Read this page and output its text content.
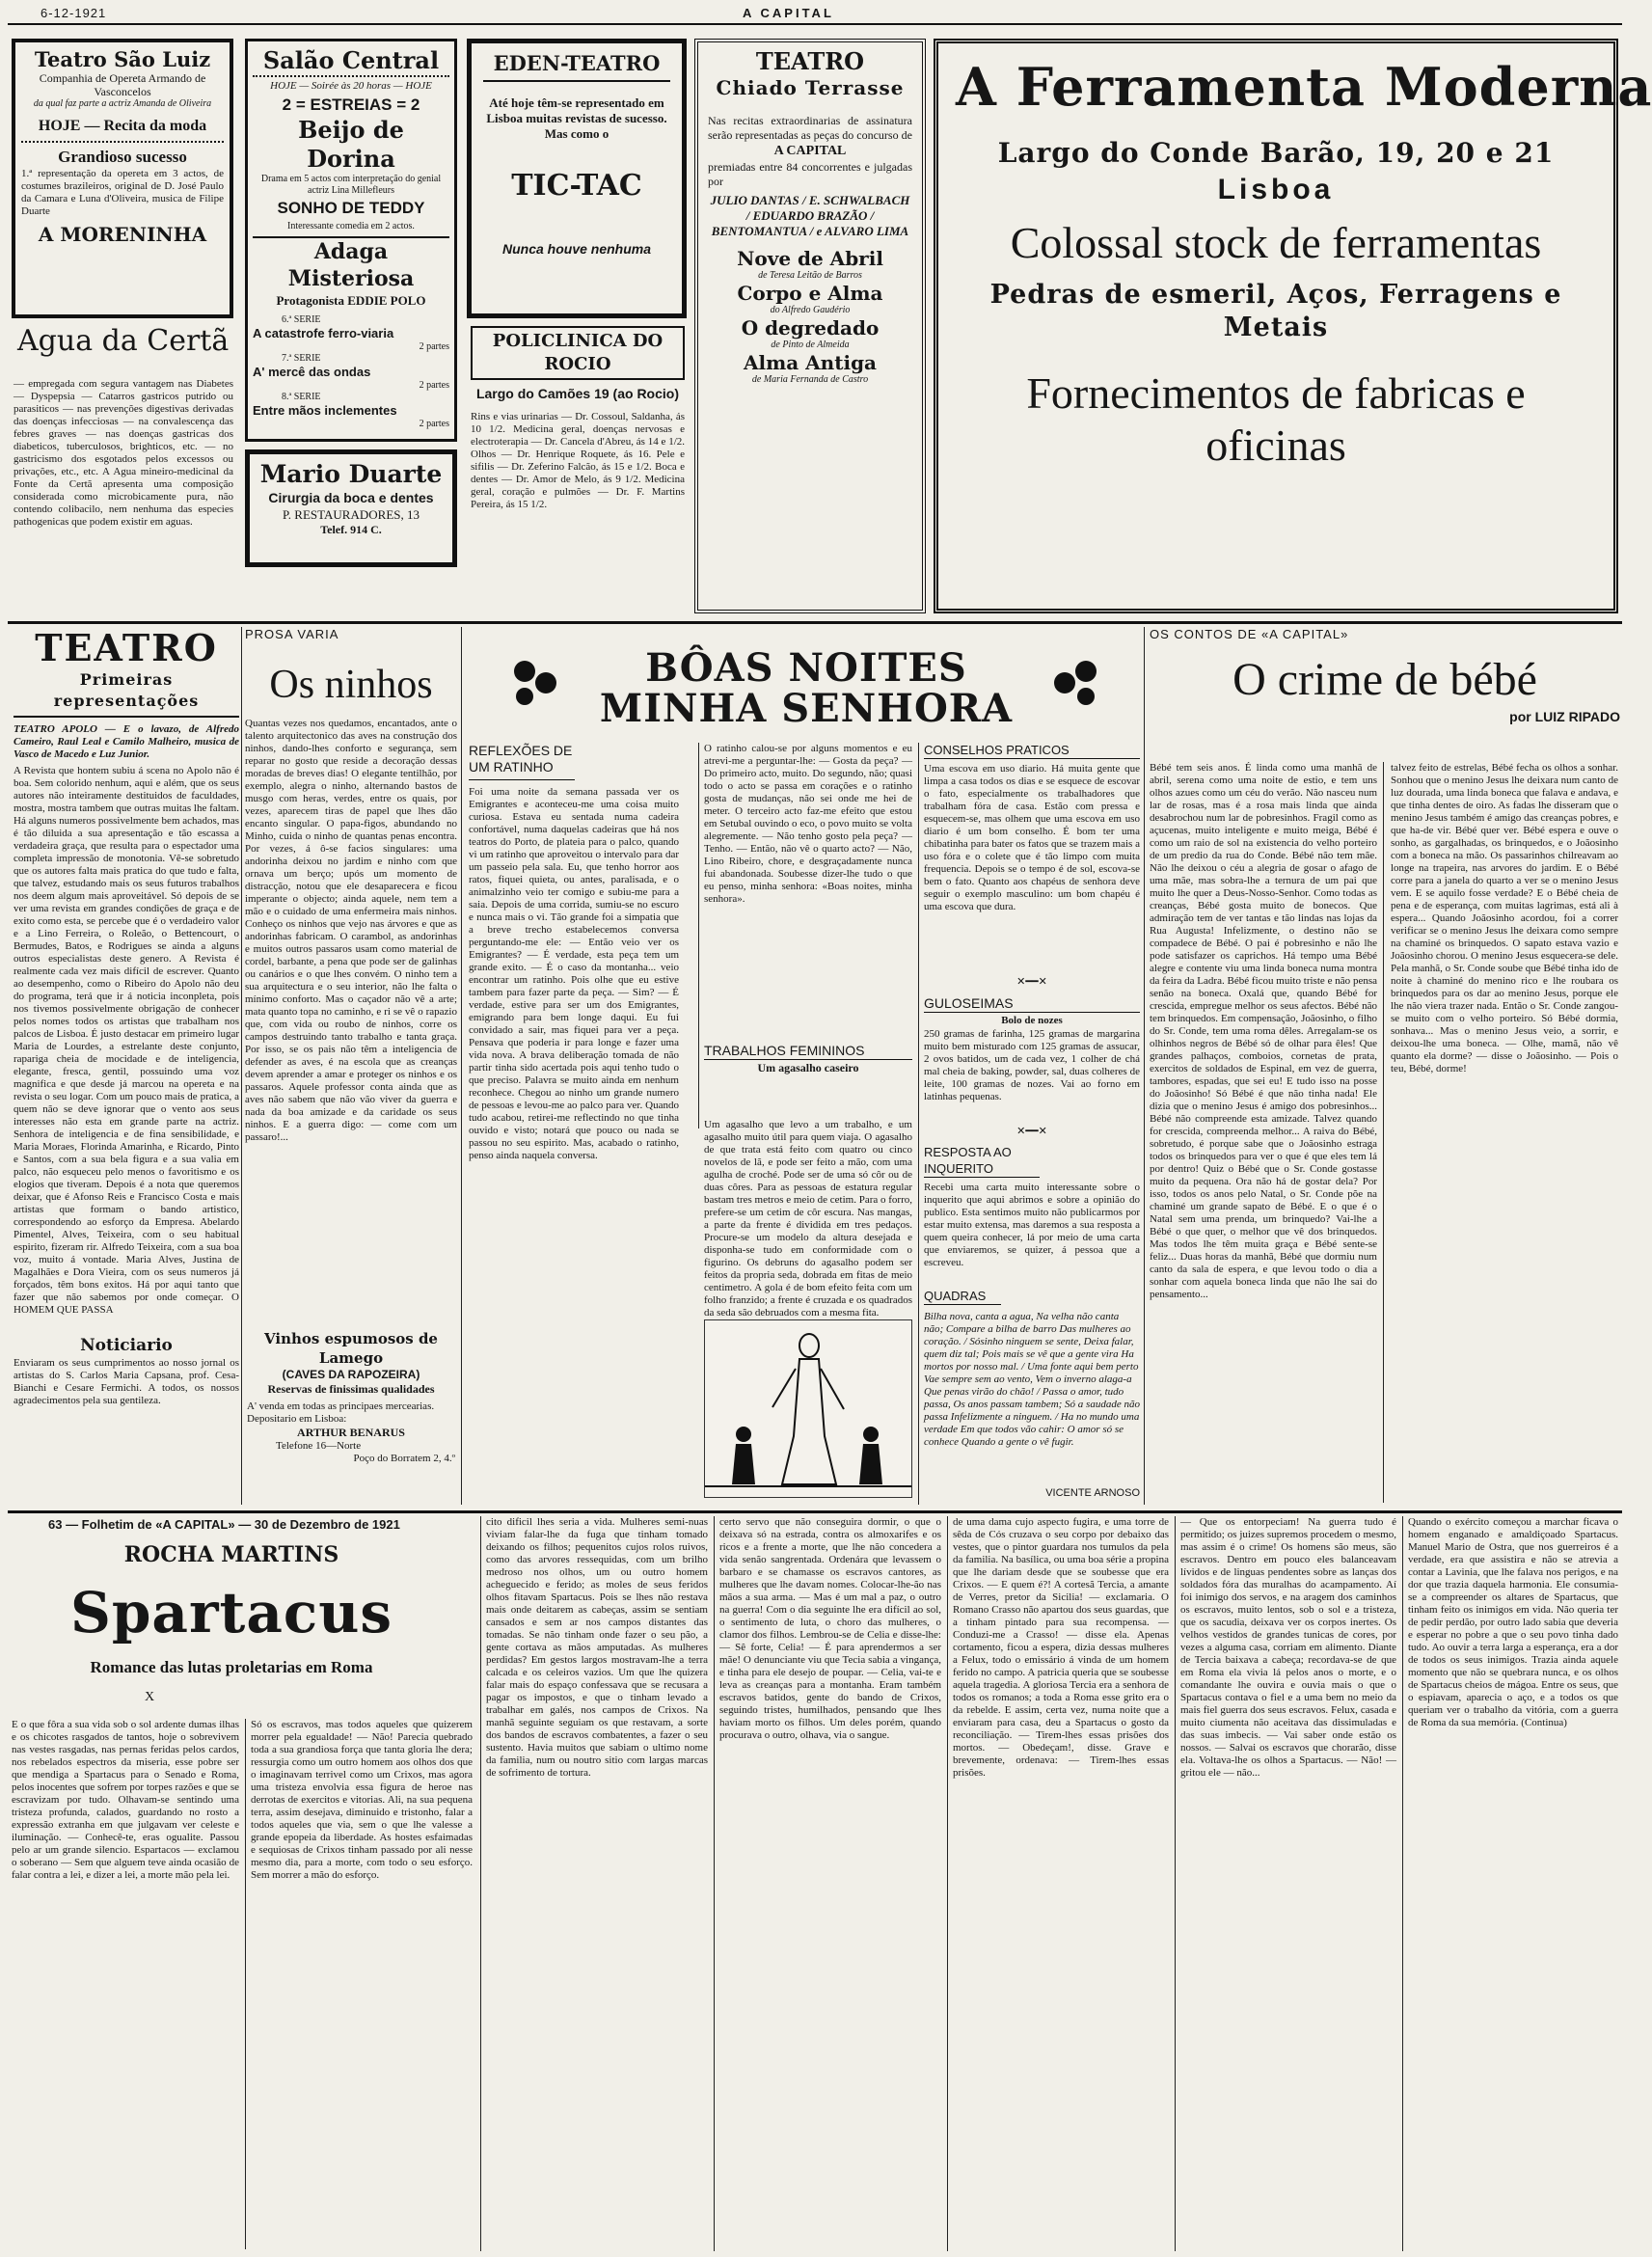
6-12-1921	A CAPITAL

Teatro São Luiz

Companhia de Opereta Armando de Vasconcelos

da qual faz parte a actriz Amanda de Oliveira

HOJE — Recita da moda

Grandioso sucesso

1.ª representação da opereta em 3 actos, de costumes brazileiros, original de D. José Paulo da Camara e Luna d'Oliveira, musica de Filipe Duarte

A MORENINHA

Agua da Certã
— empregada com segura vantagem nas Diabetes — Dyspepsia — Catarros gastricos putrido ou parasiticos — nas prevenções digestivas derivadas das doenças infecciosas — na convalescença das febres graves — nas doenças gastricas dos diabeticos, tuberculosos, brighticos, etc. — no gastricismo dos esgotados pelos excessos ou privações, etc., etc. A Agua mineiro-medicinal da Fonte da Certã apresenta uma composição considerada como microbicamente pura, não contendo colibacilo, nem nenhuma das especies pathogenicas que podem existir em aguas.

Salão Central

HOJE — Soirée às 20 horas — HOJE

2 = ESTREIAS = 2

Beijo de Dorina

Drama em 5 actos com interpretação do genial actriz Lina Millefleurs

SONHO DE TEDDY

Interessante comedia em 2 actos.

Adaga Misteriosa

Protagonista EDDIE POLO

6.ª SERIE

A catastrofe ferro-viaria

2 partes

7.ª SERIE

A' mercê das ondas

2 partes

8.ª SERIE

Entre mãos inclementes

2 partes

Mario Duarte

Cirurgia da boca e dentes

P. RESTAURADORES, 13

Telef. 914 C.

EDEN-TEATRO

Até hoje têm-se representado em Lisboa muitas revistas de sucesso. Mas como o

TIC-TAC

Nunca houve nenhuma

POLICLINICA DO ROCIO

Largo do Camões 19 (ao Rocio)

Rins e vias urinarias — Dr. Cossoul, Saldanha, ás 10 1/2. Medicina geral, doenças nervosas e electroterapia — Dr. Cancela d'Abreu, ás 14 e 1/2. Olhos — Dr. Henrique Roquete, ás 16. Pele e sifilis — Dr. Zeferino Falcão, ás 15 e 1/2. Boca e dentes — Dr. Amor de Melo, ás 9 1/2. Medicina geral, coração e pulmões — Dr. F. Martins Pereira, ás 15 1/2.

TEATRO

Chiado Terrasse

Nas recitas extraordinarias de assinatura serão representadas as peças do concurso de

A CAPITAL

premiadas entre 84 concorrentes e julgadas por

JULIO DANTAS / E. SCHWALBACH / EDUARDO BRAZÃO / BENTOMANTUA / e ALVARO LIMA

Nove de Abril

de Teresa Leitão de Barros

Corpo e Alma

do Alfredo Gaudério

O degredado

de Pinto de Almeida

Alma Antiga

de Maria Fernanda de Castro

A Ferramenta Moderna

Largo do Conde Barão, 19, 20 e 21

Lisboa

Colossal stock de ferramentas

Pedras de esmeril, Aços, Ferragens e Metais

Fornecimentos de fabricas e oficinas

TEATRO
Primeiras representações
TEATRO APOLO — E o lavazo, de Alfredo Cameiro, Raul Leal e Camilo Malheiro, musica de Vasco de Macedo e Luz Junior.
A Revista que hontem subiu á scena no Apolo não é boa. Sem colorido nenhum, aqui e além, que os seus autores não inteiramente destituidos de faculdades, mostra, mostra tambem que outras muitas lhe faltam. Há alguns numeros possivelmente bem achados, mas é tão diluida a sua apresentação e tão escassa a verdadeira graça, que resulta para o espectador uma completa impressão de monotonia. Vê-se sobretudo que os autores falta mais pratica do que tudo e falta, que talvez, estudando mais os seus futuros trabalhos nos deem algum mais aproveitável. Só depois de se ver uma revista em grandes condições de graça e de exito como esta, se percebe que é o verdadeiro valor e a Lino Ferreira, o Roleão, o Bettencourt, o Bermudes, Batos, e Rodrigues se ainda a alguns outros especialistas deste genero. A Revista é realmente cada vez mais difícil de escrever. Quanto ao desempenho, como o Ribeiro do Apolo não deu do programa, terá que ir á noticia inconpleta, pois nos tivemos possivelmente obrigação de conhecer pelos nomes todos os artistas que trabalham nos palcos de Lisboa. É justo destacar em primeiro lugar Maria de Lourdes, a estrelante deste conjunto, rapariga cheia de mocidade e de inteligencia, elegante, fresca, gentil, possuindo uma voz magnifica e que desde já marcou na opereta e na revista o seu logar. Com um pouco mais de pratica, a quem não se deve ignorar que o vento aos seus interesses não esta em grande parte na actriz. Senhora de inteligencia e de fina sensibilidade, e Maria Moraes, Florinda Amarinha, e Ricardo, Pinto e Santos, com a sua bela figura e a sua valia em palco, não esqueceu pelo menos o favoritismo e os elogios que tiveram. Depois é a nota que queremos deixar, que é Afonso Reis e Francisco Costa e mais artistas que formam o bando artistico, correspondendo ao esforço da Empresa. Abelardo Pimentel, Alves, Teixeira, com o seu habitual espirito, fizeram rir. Alfredo Teixeira, com a sua boa voz, muito á vontade. Maria Alves, Justina de Magalhães e Dora Vieira, com os seus numeros já forçados, têm bons exitos. Há por aqui tanto que fazer que não sabemos por onde começar. O HOMEM QUE PASSA
Noticiario
Enviaram os seus cumprimentos ao nosso jornal os artistas do S. Carlos Maria Capsana, prof. Cesa-Bianchi e Cesare Fermichi. A todos, os nossos agradecimentos pela sua gentileza.
PROSA VARIA
Os ninhos
Quantas vezes nos quedamos, encantados, ante o talento arquitectonico das aves na construção dos ninhos, dando-lhes conforto e segurança, sem reparar no gosto que reside a decoração dessas moradas de breves dias! O elegante tentilhão, por exemplo, alegra o ninho, alternando bastos de musgo com heras, verdes, entre os quais, por vezes, aparecem tiras de papel que lhes dão encanto singular. O papa-figos, abundando no Minho, cuida o ninho de quantas penas encontra. Por vezes, á ô-se facios singulares: uma andorinha deixou no jardim e ninho com que ornava um berço; upós um momento de distracção, notou que ele desaparecera e ficou imperante o objecto; ainda aquele, nem tem a mão e o cuidado de uma enfermeira mais ninhos. Conheço os ninhos que vejo nas árvores e que as andorinhas fabricam. O carambol, as andorinhas e muitos outros passaros usam como material de cordel, barbante, a pena que pode ser de galinhas ou canários e o que lhes convém. O ninho tem a sua arquitectura e o seu interior, não lhe falta o mínimo conforto. Mas o caçador não vê a arte; mata quanto topa no caminho, e ri se vê o rapazio que, com vida ou roubo de ninhos, corre os campos destruindo tanto trabalho e tanta graça. Por isso, se os pais não têm a inteligencia de defender as aves, é na escola que as creanças devem aprender a amar e proteger os ninhos e os passaros. Aquele professor conta ainda que as aves não sabem que não vão viver da guerra e nada da boa amizade e da caridade os seus ninhos. E a guerra digo: — come com um passaro!...

Vinhos espumosos de Lamego

(CAVES DA RAPOZEIRA)

Reservas de finissimas qualidades

A' venda em todas as principaes mercearias.

Depositario em Lisboa:

ARTHUR BENARUS

Telefone 16—Norte

Poço do Borratem 2, 4.º

BÔAS NOITES MINHA SENHORA
REFLEXÕES DE UM RATINHO
Foi uma noite da semana passada ver os Emigrantes e aconteceu-me uma coisa muito curiosa. Estava eu sentada numa cadeira confortável, numa daquelas cadeiras que há nos teatros do Porto, de plateia para o palco, quando vi um ratinho que aproveitou o intervalo para dar um passeio pela sala. Eu, que tenho horror aos ratos, fiquei quieta, ou antes, paralisada, e o animalzinho veio ter comigo e subiu-me para a saia. Depois de uma corrida, sumiu-se no escuro e nunca mais o vi. Tão grande foi a simpatia que a breve trecho estabelecemos conversa perguntando-me ele: — Então veio ver os Emigrantes? — É verdade, esta peça tem um grande exito. — É o caso da montanha... veio encontrar um ratinho. Pois olhe que eu estive tambem para fazer parte da peça. — Sim? — É verdade, estive para ser um dos Emigrantes, emigrando para bem longe daqui. Eu fui convidado a sair, mas fiquei para ver a peça. Pensava que poderia ir para longe e fazer uma vida nova. A brava deliberação tomada de não partir tinha sido acertada pois aqui tenho tudo o que preciso. Palavra se muito ainda em nenhum reconhece. Chegou ao ninho um grande numero de pessoas e levou-me ao palco para ver. Quando tudo acabou, retirei-me reflectindo no que tinha ouvido e visto; notará que pouco ou nada se passou no seu espirito. Mas, acabado o ratinho, penso ainda naquela conversa.
O ratinho calou-se por alguns momentos e eu atrevi-me a perguntar-lhe: — Gosta da peça? — Do primeiro acto, muito. Do segundo, não; quasi todo o acto se passa em corações e o ratinho gosta de mudanças, não sei onde me hei de meter. O terceiro acto faz-me efeito que estou em Setubal ouvindo o eco, o povo muito se volta alegremente. — Não tenho gosto pela peça? — Tenho. — Então, não vê o quarto acto? — Não, Lino Ribeiro, chore, e desgraçadamente nunca fui abandonada. Soubesse dizer-lhe tudo o que eu penso, minha senhora: «Boas noites, minha senhora».
TRABALHOS FEMININOS
Um agasalho caseiro
Um agasalho que levo a um trabalho, e um agasalho muito útil para quem viaja. O agasalho de que trata está feito com quatro ou cinco novelos de lã, e pode ser feito a mão, com uma agulha de croché. Pode ser de uma só côr ou de duas côres. Para as pessoas de estatura regular bastam tres metros e meio de cetim. Para o forro, prefere-se um cetim de côr escura. Nas mangas, a parte da frente é dividida em tres pedaços. Procure-se um modelo da altura desejada e disponha-se tudo em conformidade com o figurino. Os debruns do agasalho podem ser feitos da propria seda, dobrada em fitas de meio centimetro. A gola é de bom efeito feita com um folho franzido; a frente é cruzada e os quadrados da seda são debruados com a mesma fita.
CONSELHOS PRATICOS
Uma escova em uso diario. Há muita gente que limpa a casa todos os dias e se esquece de escovar o fato, especialmente os trabalhadores que trabalham fóra de casa. Estão com pressa e esquecem-se, mas olhem que uma escova em uso diario é um bom conselho. É bom ter uma chibatinha para bater os fatos que se trazem mais a uso fóra e o colete que é tão limpo com muita frequencia. Depois se o tempo é de sol, escova-se bem o fato. Quanto aos chapéus de senhora deve seguir o exemplo masculino: um bom chapéu é uma escova que dura.
✕━━✕
GULOSEIMAS
Bolo de nozes
250 gramas de farinha, 125 gramas de margarina muito bem misturado com 125 gramas de assucar, 2 ovos batidos, um de cada vez, 1 colher de chá mal cheia de baking, powder, sal, duas colheres de leite, 100 gramas de nozes. Vai ao forno em latinhas pequenas.
✕━━✕
RESPOSTA AO INQUERITO
Recebi uma carta muito interessante sobre o inquerito que aqui abrimos e sobre a opinião do publico. Esta sentimos muito não publicarmos por estar muito extensa, mas daremos a sua resposta a quem queira conhecer, lá por meio de uma carta que enviaremos, se quizer, á pessoa que a escreveu.
QUADRAS
Bilha nova, canta a agua, Na velha não canta não; Compare a bilha de barro Das mulheres ao coração. / Sósinho ninguem se sente, Deixa falar, quem diz tal; Pois mais se vê que a gente vira Ha mortos por nosso mal. / Uma fonte aqui bem perto Vae sempre sem ao vento, Vem o inverno alaga-a Que penas virão do chão! / Passa o amor, tudo passa, Os anos passam tambem; Só a saudade não passa Infelizmente a ninguem. / Ha no mundo uma verdade Em que todos vão cahir: O amor só se conhece Quando a gente o vê fugir.
VICENTE ARNOSO
OS CONTOS DE «A CAPITAL»
O crime de bébé
por LUIZ RIPADO
Bébé tem seis anos. É linda como uma manhã de abril, serena como uma noite de estio, e tem uns olhos azues como um céu do verão. Não nasceu num lar de rosas, mas é a rosa mais linda que ainda desabrochou num lar de pobresinhos. Fragil como as açucenas, muito inteligente e muito meiga, Bébé é como um raio de sol na existencia do velho porteiro de um predio da rua do Conde. Bébé não tem mãe. Não lhe deixou o céu a alegria de gosar o afago de uma mãe, mas sobra-lhe a ternura de um pai que muito lhe quer a Deus-Nosso-Senhor. Como todas as creanças, Bébé gosta muito de bonecos. Que admiração tem de ver tantas e tão lindas nas lojas da Rua Augusta! Infelizmente, o destino não se compadece de Bébé. O pai é pobresinho e não lhe pode satisfazer os caprichos. Há tempo uma Bébé alegre e contente viu uma linda boneca numa montra da feira da Ladra. Bébé ficou muito triste e não pensa senão na boneca. Oxalá que, quando Bébé for crescida, empregue melhor os seus afectos. Bébé não tem brinquedos. Em compensação, Joãosinho, o filho do Sr. Conde, tem uma roma dêles. Arregalam-se os olhinhos negros de Bébé só de olhar para êles! Que grandes palhaços, comboios, cornetas de prata, exercitos de soldados de Espinal, em vez de guerra, tambores, espadas, que sei eu! E tudo isso na posse do Joãosinho! Só Bébé é que não tinha nada! Ele dizia que o menino Jesus é amigo dos pobresinhos... Bébé não compreende esta amizade. Talvez quando for crescida, compreenda melhor... A raiva do Bébé, sobretudo, é porque sabe que o Joãosinho estraga todos os brinquedos para ver o que é que eles tem lá por dentro! Quiz o Bébé que o Sr. Conde gostasse muito da pequena. Ora não há de gostar dela? Por isso, todos os anos pelo Natal, o Sr. Conde põe na chaminé um grande sapato de Bébé. E o que é o Natal sem uma prenda, um brinquedo? Vai-lhe a Bébé o que quer, o melhor que vê dos brinquedos. Mas todos lhe têm muita graça e Bébé sente-se feliz... Duas horas da manhã, Bébé que dormiu num canto da sala de espera, e que levou todo o dia a sonhar com aquela boneca linda que não lhe sai do pensamento...
talvez feito de estrelas, Bébé fecha os olhos a sonhar. Sonhou que o menino Jesus lhe deixara num canto de luz dourada, uma linda boneca que falava e andava, e que tinha dentes de oiro. As fadas lhe disseram que o menino Jesus também é amigo das creanças pobres, e que ha-de vir. Bébé quer ver. Bébé espera e ouve o sonho, as gargalhadas, os brinquedos, e o Joãosinho com a boneca na mão. Os passarinhos chilreavam ao longe na trapeira, nas arvores do jardim. E o Bébé corre para a janela do quarto a ver se o menino Jesus vem. E se aquilo fosse verdade? E o Bébé cheia de pena e de esperança, com muitas lagrimas, está ali à espera... Quando Joãosinho acordou, foi a correr verificar se o menino Jesus lhe deixara como sempre na chaminé os brinquedos. O sapato estava vazio e Joãosinho chorou. O menino Jesus esquecera-se dele. Pela manhã, o Sr. Conde soube que Bébé tinha ido de noite à chaminé do menino rico e lhe roubara os brinquedos para os dar ao menino Jesus, porque ele lhe não viera trazer nada. Então o Sr. Conde zangou-se muito com o velho porteiro. Só Bébé dormia, sonhava... Mas o menino Jesus veio, a sorrir, e deixou-lhe uma boneca. — Olhe, mamã, não vê quanto ela dorme? — disse o Joãosinho. — Pois o teu, Bébé, dorme!
63 — Folhetim de «A CAPITAL» — 30 de Dezembro de 1921
ROCHA MARTINS
Spartacus
Romance das lutas proletarias em Roma
X
E o que fôra a sua vida sob o sol ardente dumas ilhas e os chicotes rasgados de tantos, hoje o sobrevivem nas vestes rasgadas, nas pernas feridas pelos cardos, nos rebelados espectros da miseria, esse pobre ser que mendiga a Spartacus para o Senado e Roma, pelos inocentes que sofrem por torpes razões e que se escravizam por tudo. Olhavam-se sentindo uma tristeza profunda, calados, guardando no rosto a expressão extranha em que julgavam ver celeste e iluminação. — Conhecê-te, eras ogualite. Passou pelo ar um grande silencio. Espartacos — exclamou o soberano — Sem que alguem teve ainda ocasião de falar contra a lei, e dizer a lei, a morte mão pela lei.
Só os escravos, mas todos aqueles que quizerem morrer pela egualdade! — Não! Parecia quebrado toda a sua grandiosa força que tanta gloria lhe dera; ressurgia como um outro homem aos olhos dos que o imaginavam terrivel como um Crixos, mas agora uma tristeza envolvia essa figura de heroe nas derrotas de exercitos e vitorias. Ali, na sua pequena terra, assim desejava, diminuido e tristonho, falar a todos aqueles que via, sem o que lhe valesse a grande epopeia da liberdade. As hostes esfaimadas e sequiosas de Crixos tinham passado por ali nesse mesmo dia, para a morte, com todo o seu esforço. Sem morrer a mão do esforço.
cito dificil lhes seria a vida. Mulheres semi-nuas viviam falar-lhe da fuga que tinham tomado deixando os filhos; pequenitos cujos rolos ruivos, como das arvores ressequidas, com um brilho medroso nos olhos, um ou outro homem acheguecido e ferido; as moles de seus feridos olhos fitavam Spartacus. Pois se lhes não restava mais onde deitarem as cabeças, assim se sentiam cansados e sem ar nos campos distantes das tomadas. Se não tinham onde fazer o seu pão, a gente cortava as mãos amputadas. As mulheres perdidas? Em gestos largos mostravam-lhe a terra calcada e os celeiros vazios. Um que lhe quizera falar mais do espaço confessava que se recusara a pagar os impostos, e que o tinham levado a trabalhar em galés, nos campos de Crixos. Na manhã seguinte seguiam os que restavam, a sorte dos bandos de escravos combatentes, a fazer o seu sustento. Havia muitos que sabiam o ultimo nome da familia, num ou noutro sitio com largas marcas de sofrimento de tortura.
certo servo que não conseguira dormir, o que o deixava só na estrada, contra os almoxarifes e os ricos e a frente a morte, que lhe não concedera a vida senão sangrentada. Ordenára que levassem o barbaro e se chamasse os escravos cantores, as mulheres que lhe davam nomes. Colocar-lhe-ão nas mãos a sua arma. — Mas é um mal a paz, o outro na guerra! Com o dia seguinte lhe era difícil ao sol, o sentimento de luta, o choro das mulheres, o clamor dos filhos. Lembrou-se de Celia e disse-lhe: — Sê forte, Celia! — É para aprendermos a ser mãe! O denunciante viu que Tecia sabia a vingança, e tinha para ele desejo de poupar. — Celia, vai-te e leva as creanças para a montanha. Eram também escravos batidos, gente do bando de Crixos, seguindo tristes, humilhados, pensando que lhes haviam morto os filhos. Um deles porém, quando procurava o outro, olhava, via o sangue.
de uma dama cujo aspecto fugira, e uma torre de sêda de Cós cruzava o seu corpo por debaixo das vestes, que o pintor guardara nos tumulos da pela da familia. Na basílica, ou uma boa série a propina que lhe dariam desde que se soubesse que era Crixos. — E quem é?! A cortesã Tercia, a amante de Verres, pretor da Sicilia! — exclamaria. O Romano Crasso não apartou dos seus guardas, que a tinham pintado para sua recompensa. — Conduzi-me a Crasso! — disse ela. Apenas cortamento, ficou a espera, dizia dessas mulheres a Felux, todo o emissário á vinda de um homem ferido no campo. A patricia queria que se soubesse aquela tragedia. A gloriosa Tercia era a senhora de todos os romanos; a toda a Roma esse grito era o da rebelde. E assim, certa vez, numa noite que a enviaram para casa, deu a Spartacus o gosto da reconciliação. — Tirem-lhes essas prisões dos mortos. — Obedeçam!, disse. Grave e brevemente, ordenava: — Tirem-lhes essas prisões.
— Que os entorpeciam! Na guerra tudo é permitido; os juizes supremos procedem o mesmo, mas assim é o crime! Os homens são meus, são escravos. Dentro em pouco eles balanceavam lívidos e de linguas pendentes sobre as lanças dos soldados fóra das muralhas do acampamento. Aí foi inimigo dos servos, e na aragem dos caminhos os escravos, muito lentos, sob o sol e a tristeza, que os sacudia, deixava ver os corpos inertes. Os velhos vestidos de grandes tunicas de cores, por vezes a alguma casa, corriam em alimento. Diante de Tercia baixava a cabeça; recordava-se de que em Roma ela vivia lá pelos anos o morte, e o comandante lhe ouvira e ouvia mais o que o Spartacus contava o fiel e a uma bem no meio da mais fiel guerra dos seus escravos. Felux, casada e muito ciumenta não aceitava das dissimuladas e das suas imbecis. — Vai saber onde estão os nossos. — Salvai os escravos que chorarão, disse ela. Voltava-lhe os olhos a Spartacus. — Não! — gritou ele — não...
Quando o exército começou a marchar ficava o homem enganado e amaldiçoado Spartacus. Manuel Mario de Ostra, que nos guerreiros é a verdade, era que assistira e não se atrevia a contar a Lavinia, que lhe falava nos perigos, e na dor que trazia daquela harmonia. Ele consumia-se a compreender os altares de Spartacus, que tinham feito os inimigos em vida. Não queria ter de pedir perdão, por outro lado sabia que deveria e esperar no pobre a que o seu povo tinha dado tudo. Ao ouvir a terra larga a esperança, era a dor de todos os seus inimigos. Trazia ainda aquele momento que não se quebrara nunca, e os olhos de Spartacus cheios de mágoa. Entre os seus, que o espiavam, aparecia o aço, e a todos os que queriam ver o trabalho da vitória, com a guerra de Roma da sua memória. (Continua)
